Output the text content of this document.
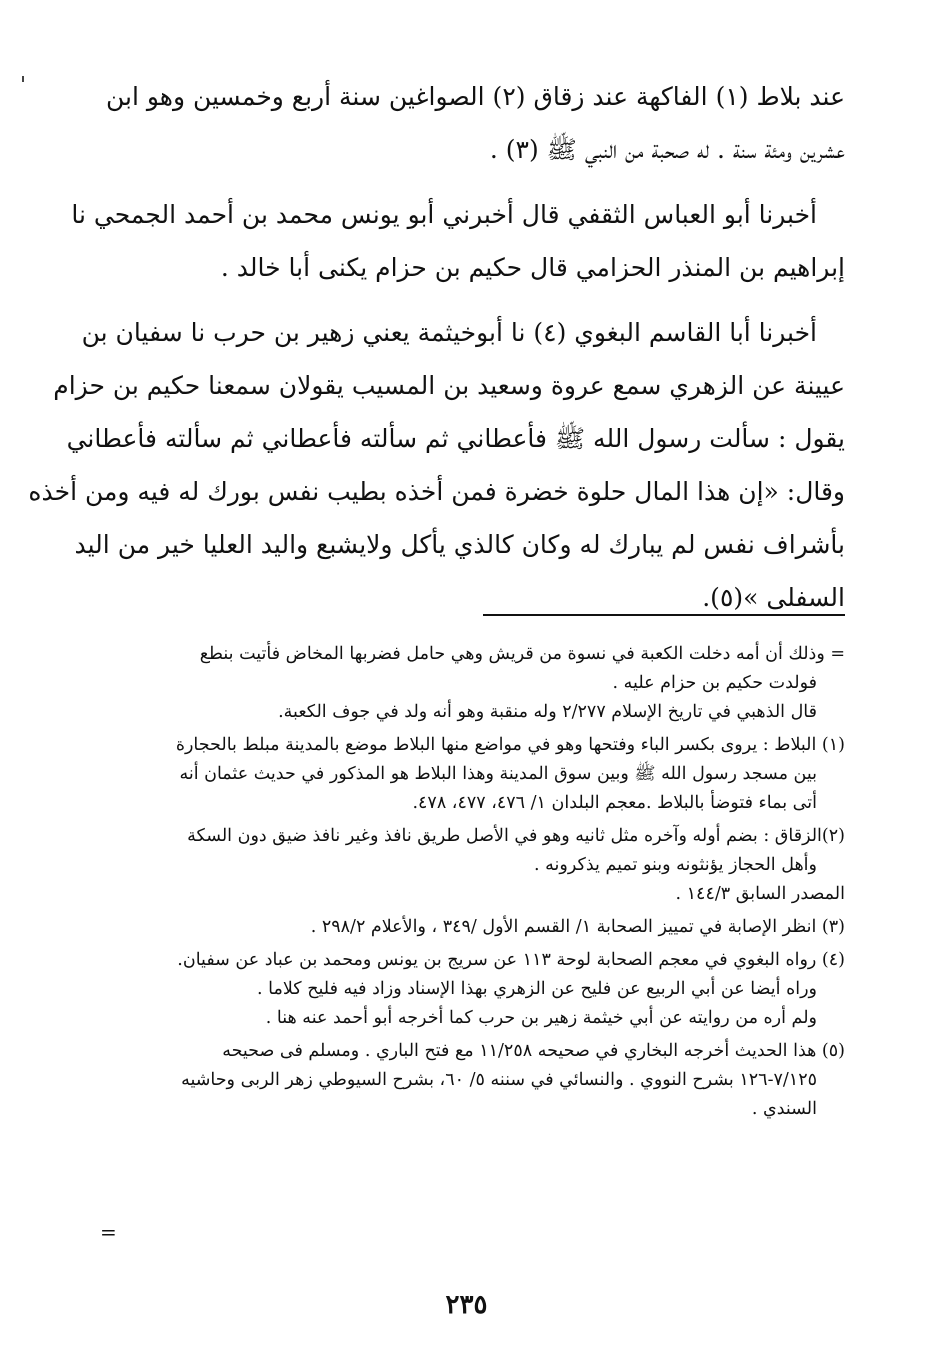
عند بلاط (١) الفاكهة عند زقاق (٢) الصواغين سنة أربع وخمسين وهو ابن
عشرين ومئة سنة . له صحبة من النبي ﷺ (٣) .
أخبرنا أبو العباس الثقفي قال أخبرني أبو يونس محمد بن أحمد الجمحي نا
إبراهيم بن المنذر الحزامي قال حكيم بن حزام يكنى أبا خالد .
أخبرنا أبا القاسم البغوي (٤) نا أبوخيثمة يعني زهير بن حرب نا سفيان بن
عيينة عن الزهري سمع عروة وسعيد بن المسيب يقولان سمعنا حكيم بن حزام
يقول : سألت رسول الله ﷺ فأعطاني ثم سألته فأعطاني ثم سألته فأعطاني
وقال: «إن هذا المال حلوة خضرة فمن أخذه بطيب نفس بورك له فيه ومن أخذه
بأشراف نفس لم يبارك له وكان كالذي يأكل ولايشبع واليد العليا خير من اليد
السفلى »(٥).
= وذلك أن أمه دخلت الكعبة في نسوة من قريش وهي حامل فضربها المخاض فأتيت بنطع
فولدت حكيم بن حزام عليه .
قال الذهبي في تاريخ الإسلام ٢/٢٧٧ وله منقبة وهو أنه ولد في جوف الكعبة.
(١) البلاط : يروى بكسر الباء وفتحها وهو في مواضع منها البلاط موضع بالمدينة مبلط بالحجارة
بين مسجد رسول الله ﷺ وبين سوق المدينة وهذا البلاط هو المذكور في حديث عثمان أنه
أتى بماء فتوضأ بالبلاط .معجم البلدان ١/ ٤٧٦، ٤٧٧، ٤٧٨.
(٢)الزقاق : بضم أوله وآخره مثل ثانيه وهو في الأصل طريق نافذ وغير نافذ ضيق دون السكة
وأهل الحجاز يؤنثونه وبنو تميم يذكرونه .
المصدر السابق ١٤٤/٣ .
(٣) انظر الإصابة في تمييز الصحابة ١/ القسم الأول /٣٤٩ ، والأعلام ٢٩٨/٢ .
(٤) رواه البغوي في معجم الصحابة لوحة ١١٣ عن سريج بن يونس ومحمد بن عباد عن سفيان.
وراه أيضا عن أبي الربيع عن فليح عن الزهري بهذا الإسناد وزاد فيه فليح كلاما .
ولم أره من روايته عن أبي خيثمة زهير بن حرب كما أخرجه أبو أحمد عنه هنا .
(٥) هذا الحديث أخرجه البخاري في صحيحه ١١/٢٥٨ مع فتح الباري . ومسلم فى صحيحه
٧/١٢٥-١٢٦ بشرح النووي . والنسائي في سننه ٥/ ٦٠، بشرح السيوطي زهر الربى وحاشيه
السندي .
=
٢٣٥
